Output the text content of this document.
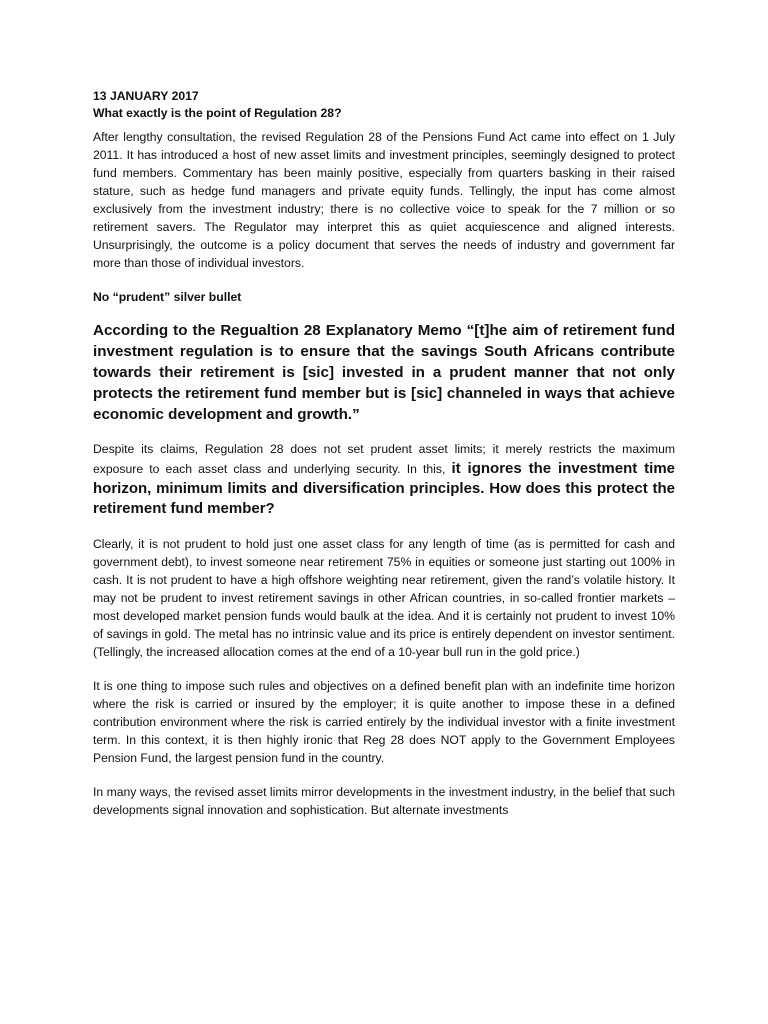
13 JANUARY 2017
What exactly is the point of Regulation 28?

After lengthy consultation, the revised Regulation 28 of the Pensions Fund Act came into effect on 1 July 2011. It has introduced a host of new asset limits and investment principles, seemingly designed to protect fund members. Commentary has been mainly positive, especially from quarters basking in their raised stature, such as hedge fund managers and private equity funds. Tellingly, the input has come almost exclusively from the investment industry; there is no collective voice to speak for the 7 million or so retirement savers. The Regulator may interpret this as quiet acquiescence and aligned interests. Unsurprisingly, the outcome is a policy document that serves the needs of industry and government far more than those of individual investors.

No “prudent” silver bullet
According to the Regualtion 28 Explanatory Memo “[t]he aim of retirement fund investment regulation is to ensure that the savings South Africans contribute towards their retirement is [sic] invested in a prudent manner that not only protects the retirement fund member but is [sic] channeled in ways that achieve economic development and growth.”

Despite its claims, Regulation 28 does not set prudent asset limits; it merely restricts the maximum exposure to each asset class and underlying security. In this, it ignores the investment time horizon, minimum limits and diversification principles. How does this protect the retirement fund member?

Clearly, it is not prudent to hold just one asset class for any length of time (as is permitted for cash and government debt), to invest someone near retirement 75% in equities or someone just starting out 100% in cash. It is not prudent to have a high offshore weighting near retirement, given the rand’s volatile history. It may not be prudent to invest retirement savings in other African countries, in so-called frontier markets – most developed market pension funds would baulk at the idea. And it is certainly not prudent to invest 10% of savings in gold. The metal has no intrinsic value and its price is entirely dependent on investor sentiment. (Tellingly, the increased allocation comes at the end of a 10-year bull run in the gold price.)

It is one thing to impose such rules and objectives on a defined benefit plan with an indefinite time horizon where the risk is carried or insured by the employer; it is quite another to impose these in a defined contribution environment where the risk is carried entirely by the individual investor with a finite investment term. In this context, it is then highly ironic that Reg 28 does NOT apply to the Government Employees Pension Fund, the largest pension fund in the country.

In many ways, the revised asset limits mirror developments in the investment industry, in the belief that such developments signal innovation and sophistication. But alternate investments
